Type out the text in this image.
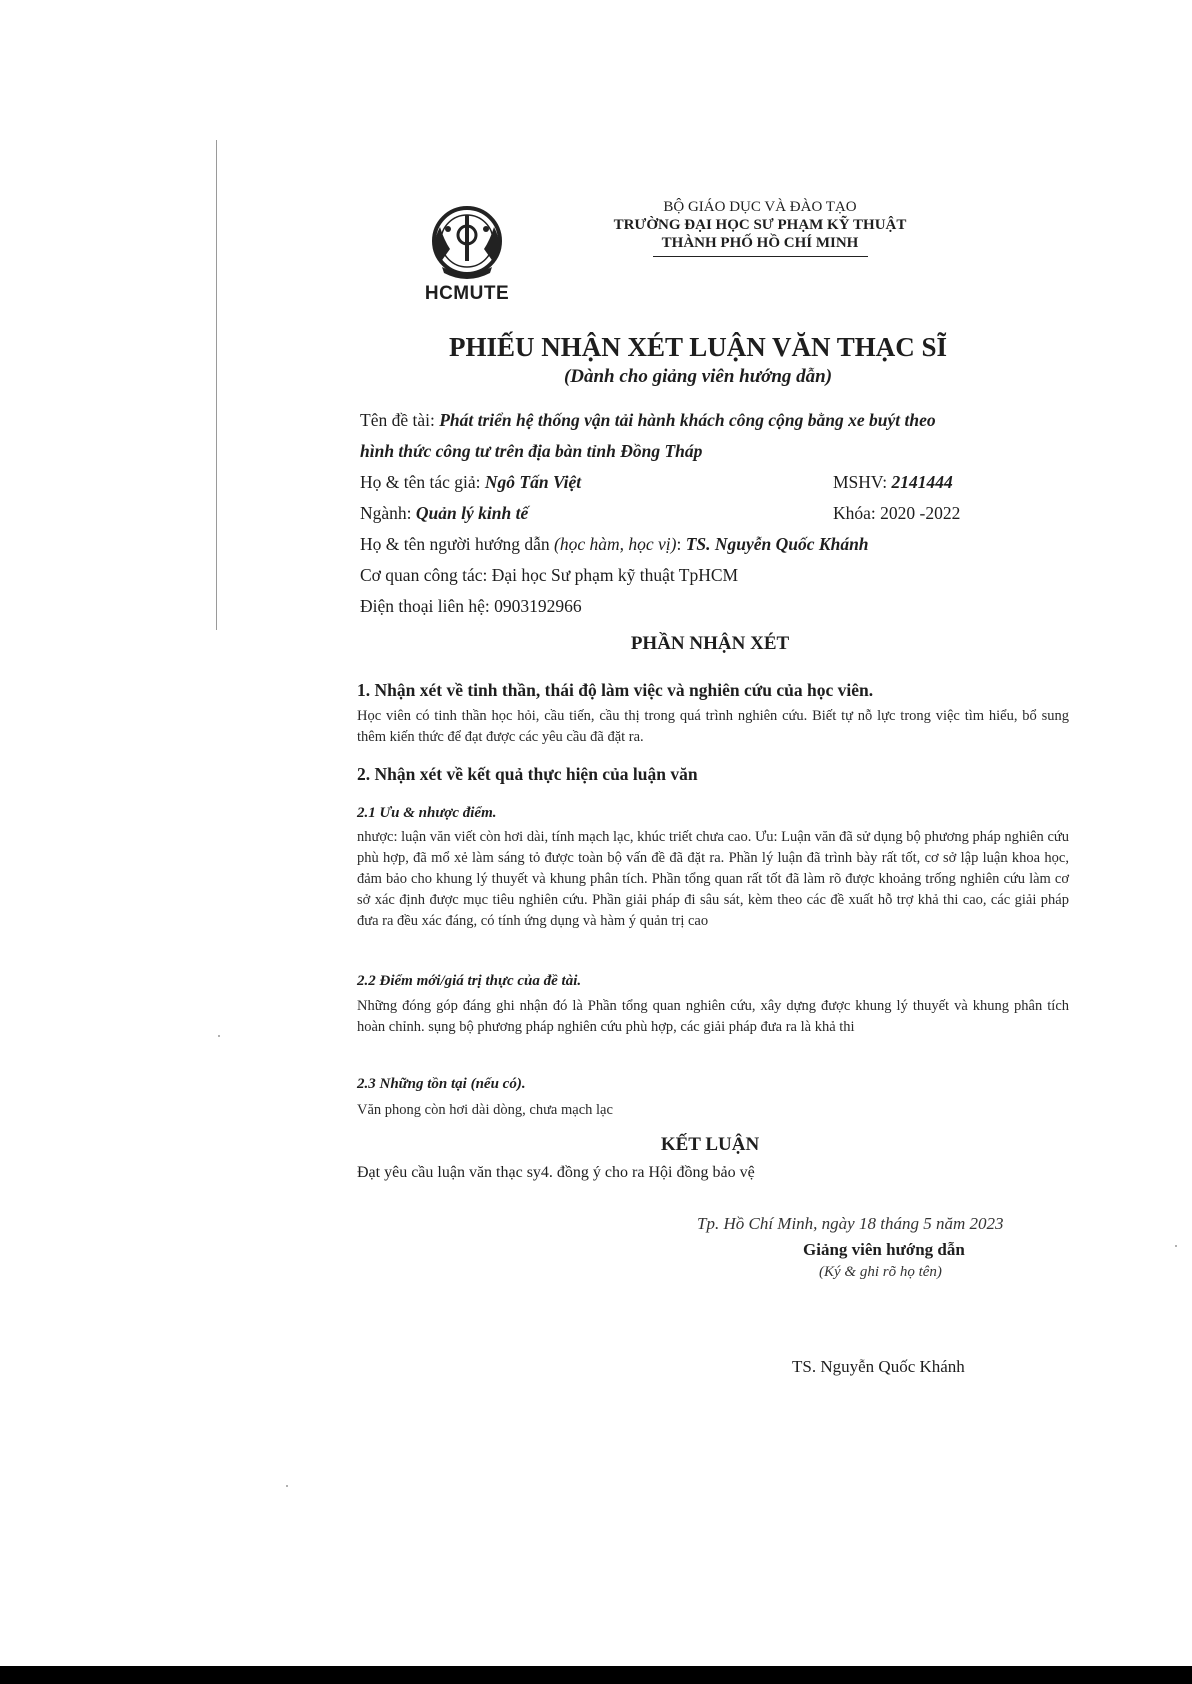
HCMUTE
BỘ GIÁO DỤC VÀ ĐÀO TẠO
TRƯỜNG ĐẠI HỌC SƯ PHẠM KỸ THUẬT
THÀNH PHỐ HỒ CHÍ MINH
PHIẾU NHẬN XÉT LUẬN VĂN THẠC SĨ
(Dành cho giảng viên hướng dẫn)
Tên đề tài: Phát triển hệ thống vận tải hành khách công cộng bằng xe buýt theo
hình thức công tư trên địa bàn tỉnh Đồng Tháp
Họ & tên tác giả: Ngô Tấn Việt	MSHV: 2141444
Ngành: Quản lý kinh tế	Khóa: 2020 -2022
Họ & tên người hướng dẫn (học hàm, học vị): TS. Nguyễn Quốc Khánh
Cơ quan công tác: Đại học Sư phạm kỹ thuật TpHCM
Điện thoại liên hệ: 0903192966
PHẦN NHẬN XÉT
1. Nhận xét về tinh thần, thái độ làm việc và nghiên cứu của học viên.
Học viên có tinh thần học hỏi, cầu tiến, cầu thị trong quá trình nghiên cứu. Biết tự nỗ lực trong việc tìm hiểu, bổ sung thêm kiến thức để đạt được các yêu cầu đã đặt ra.
2. Nhận xét về kết quả thực hiện của luận văn
2.1 Ưu & nhược điểm.
nhược: luận văn viết còn hơi dài, tính mạch lạc, khúc triết chưa cao. Ưu: Luận văn đã sử dụng bộ phương pháp nghiên cứu phù hợp, đã mổ xẻ làm sáng tỏ được toàn bộ vấn đề đã đặt ra. Phần lý luận đã trình bày rất tốt, cơ sở lập luận khoa học, đảm bảo cho khung lý thuyết và khung phân tích. Phần tổng quan rất tốt đã làm rõ được khoảng trống nghiên cứu làm cơ sở xác định được mục tiêu nghiên cứu. Phần giải pháp đi sâu sát, kèm theo các đề xuất hỗ trợ khả thi cao, các giải pháp đưa ra đều xác đáng, có tính ứng dụng và hàm ý quản trị cao
2.2 Điểm mới/giá trị thực của đề tài.
Những đóng góp đáng ghi nhận đó là Phần tổng quan nghiên cứu, xây dựng được khung lý thuyết và khung phân tích hoàn chỉnh. sụng bộ phương pháp nghiên cứu phù hợp, các giải pháp đưa ra là khả thi
2.3 Những tồn tại (nếu có).
Văn phong còn hơi dài dòng, chưa mạch lạc
KẾT LUẬN
Đạt yêu cầu luận văn thạc sy4. đồng ý cho ra Hội đồng bảo vệ
Tp. Hồ Chí Minh, ngày 18 tháng 5 năm 2023
Giảng viên hướng dẫn
(Ký & ghi rõ họ tên)
TS. Nguyễn Quốc Khánh
